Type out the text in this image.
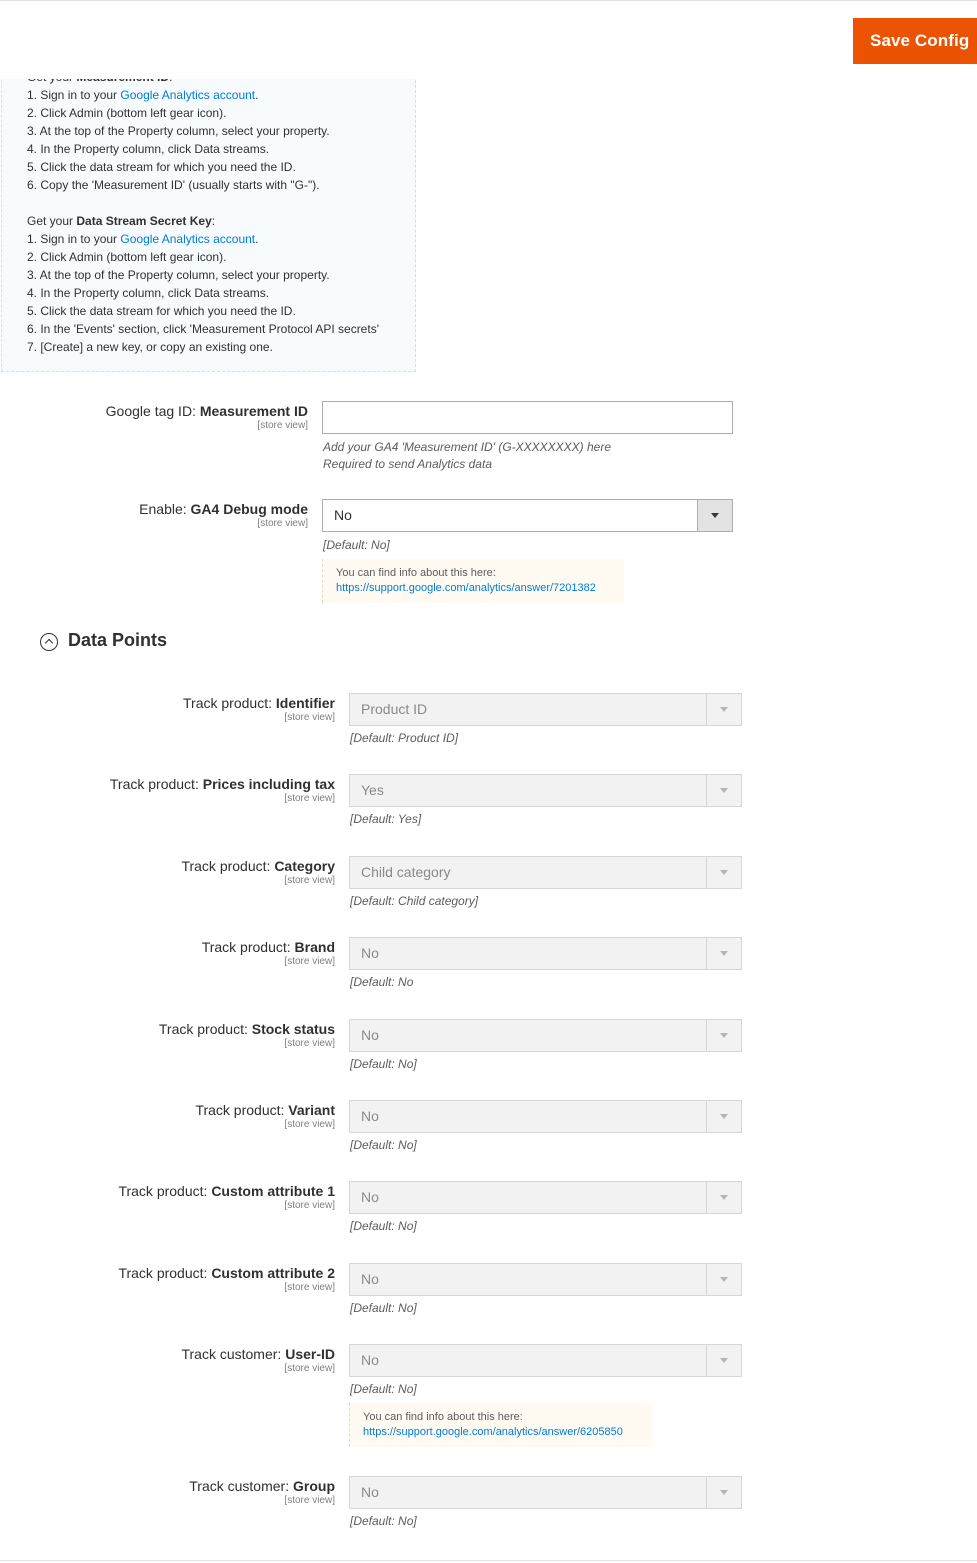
1. Sign in to your Google Analytics account.
2. Click Admin (bottom left gear icon).
3. At the top of the Property column, select your property.
4. In the Property column, click Data streams.
5. Click the data stream for which you need the ID.
6. Copy the 'Measurement ID' (usually starts with "G-").
Get your Data Stream Secret Key:
1. Sign in to your Google Analytics account.
2. Click Admin (bottom left gear icon).
3. At the top of the Property column, select your property.
4. In the Property column, click Data streams.
5. Click the data stream for which you need the ID.
6. In the 'Events' section, click 'Measurement Protocol API secrets'
7. [Create] a new key, or copy an existing one.
Save Config
Google tag ID: Measurement ID
[store view]
Add your GA4 'Measurement ID' (G-XXXXXXXX) here
Required to send Analytics data
Enable: GA4 Debug mode
[store view]
No
[Default: No]
You can find info about this here:
https://support.google.com/analytics/answer/7201382
Data Points
Track product: Identifier
[store view]
Product ID
[Default: Product ID]
Track product: Prices including tax
[store view]
Yes
[Default: Yes]
Track product: Category
[store view]
Child category
[Default: Child category]
Track product: Brand
[store view]
No
[Default: No
Track product: Stock status
[store view]
No
[Default: No]
Track product: Variant
[store view]
No
[Default: No]
Track product: Custom attribute 1
[store view]
No
[Default: No]
Track product: Custom attribute 2
[store view]
No
[Default: No]
Track customer: User-ID
[store view]
No
[Default: No]
You can find info about this here:
https://support.google.com/analytics/answer/6205850
Track customer: Group
[store view]
No
[Default: No]
